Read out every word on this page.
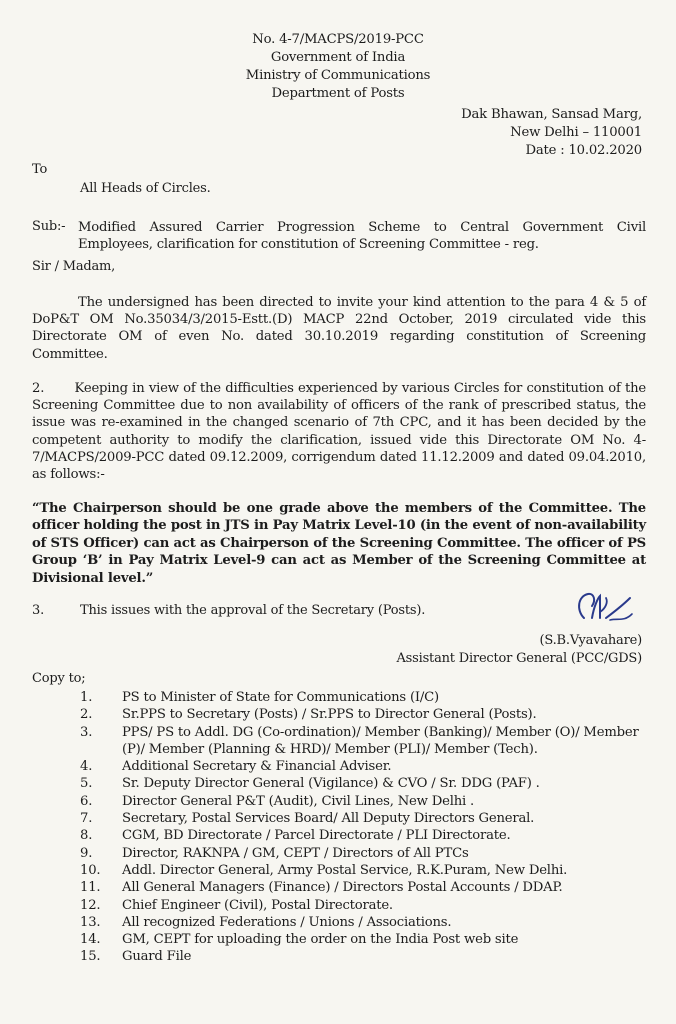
No. 4-7/MACPS/2019-PCC
Government of India
Ministry of Communications
Department of Posts
Dak Bhawan, Sansad Marg,
New Delhi – 110001
Date : 10.02.2020
To
All Heads of Circles.
Sub:- Modified Assured Carrier Progression Scheme to Central Government Civil Employees, clarification for constitution of Screening Committee - reg.

Sir / Madam,

The undersigned has been directed to invite your kind attention to the para 4 & 5 of DoP&T OM No.35034/3/2015-Estt.(D) MACP 22nd October, 2019 circulated vide this Directorate OM of even No. dated 30.10.2019 regarding constitution of Screening Committee.

2.       Keeping in view of the difficulties experienced by various Circles for constitution of the Screening Committee due to non availability of officers of the rank of prescribed status, the issue was re-examined in the changed scenario of 7th CPC, and it has been decided by the competent authority to modify the clarification, issued vide this Directorate OM No. 4-7/MACPS/2009-PCC dated 09.12.2009, corrigendum dated 11.12.2009 and dated 09.04.2010, as follows:-

“The Chairperson should be one grade above the members of the Committee. The officer holding the post in JTS in Pay Matrix Level-10 (in the event of non-availability of STS Officer) can act as Chairperson of the Screening Committee. The officer of PS Group ‘B’ in Pay Matrix Level-9 can act as Member of the Screening Committee at Divisional level.”

3.	This issues with the approval of the Secretary (Posts).
(S.B.Vyavahare)
Assistant Director General (PCC/GDS)
Copy to;
1.	PS to Minister of State for Communications (I/C)
2.	Sr.PPS to Secretary (Posts) / Sr.PPS to Director General (Posts).
3.	PPS/ PS to Addl. DG (Co-ordination)/ Member (Banking)/ Member (O)/ Member (P)/ Member (Planning & HRD)/ Member (PLI)/ Member (Tech).
4.	Additional Secretary & Financial Adviser.
5.	Sr. Deputy Director General (Vigilance) & CVO / Sr. DDG (PAF) .
6.	Director General P&T (Audit), Civil Lines, New Delhi .
7.	Secretary, Postal Services Board/ All Deputy Directors General.
8.	CGM, BD Directorate / Parcel Directorate / PLI Directorate.
9.	Director, RAKNPA / GM, CEPT / Directors of All PTCs
10.	Addl. Director General, Army Postal Service, R.K.Puram, New Delhi.
11.	All General Managers (Finance) / Directors Postal Accounts / DDAP.
12.	Chief Engineer (Civil), Postal Directorate.
13.	All recognized Federations / Unions / Associations.
14.	GM, CEPT for uploading the order on the India Post web site
15.	Guard File
